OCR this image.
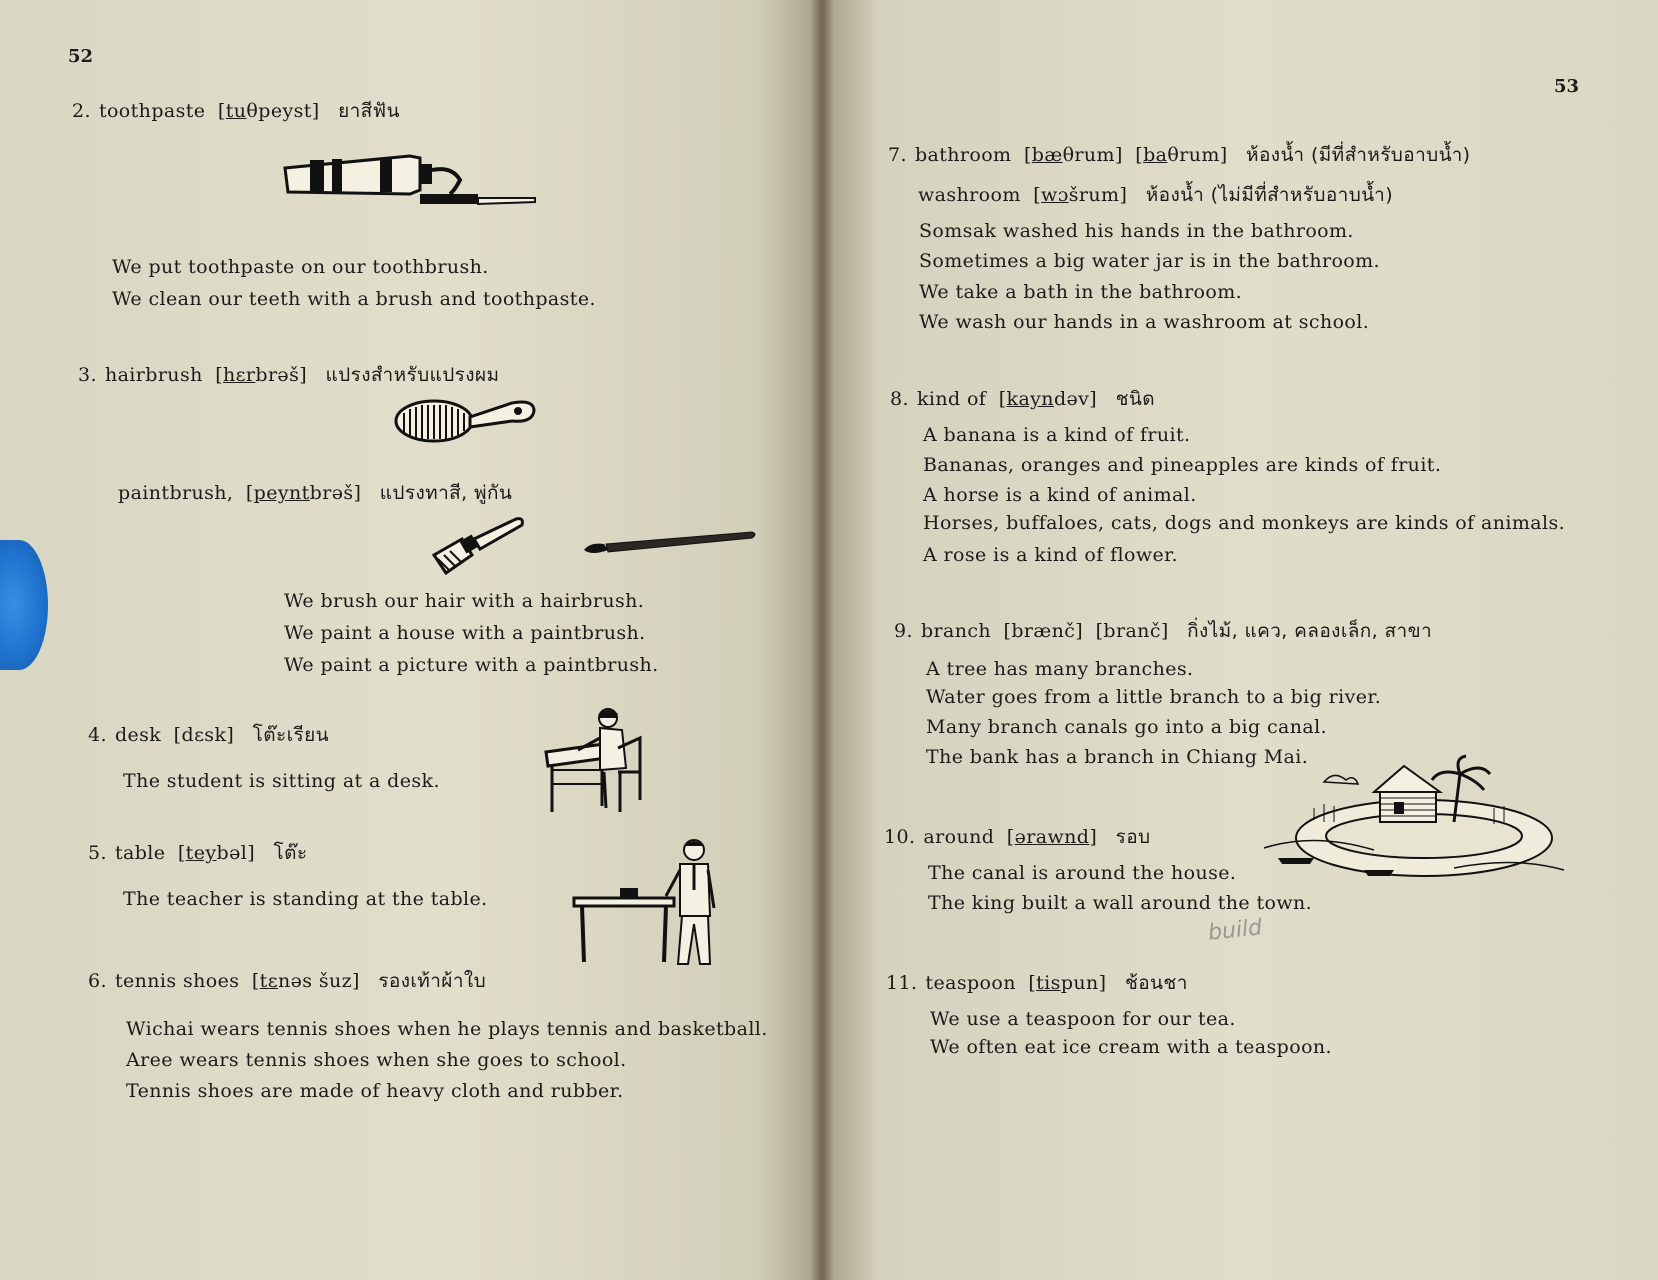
52
2. toothpaste [tuθpeyst] ยาสีฟัน
We put toothpaste on our toothbrush.
We clean our teeth with a brush and toothpaste.
3. hairbrush [hɛrbrəš] แปรงสำหรับแปรงผม
paintbrush, [peyntbrəš] แปรงทาสี, พู่กัน
We brush our hair with a hairbrush.
We paint a house with a paintbrush.
We paint a picture with a paintbrush.
4. desk [dɛsk] โต๊ะเรียน
The student is sitting at a desk.
5. table [teybəl] โต๊ะ
The teacher is standing at the table.
6. tennis shoes [tɛnəs šuz] รองเท้าผ้าใบ
Wichai wears tennis shoes when he plays tennis and basketball.
Aree wears tennis shoes when she goes to school.
Tennis shoes are made of heavy cloth and rubber.
53
7. bathroom [bæθrum] [baθrum] ห้องน้ำ (มีที่สำหรับอาบน้ำ)
washroom [wɔšrum] ห้องน้ำ (ไม่มีที่สำหรับอาบน้ำ)
Somsak washed his hands in the bathroom.
Sometimes a big water jar is in the bathroom.
We take a bath in the bathroom.
We wash our hands in a washroom at school.
8. kind of [kayndəv] ชนิด
A banana is a kind of fruit.
Bananas, oranges and pineapples are kinds of fruit.
A horse is a kind of animal.
Horses, buffaloes, cats, dogs and monkeys are kinds of animals.
A rose is a kind of flower.
9. branch [brænč] [branč] กิ่งไม้, แคว, คลองเล็ก, สาขา
A tree has many branches.
Water goes from a little branch to a big river.
Many branch canals go into a big canal.
The bank has a branch in Chiang Mai.
10. around [ərawnd] รอบ
The canal is around the house.
The king built a wall around the town.
11. teaspoon [tispun] ช้อนชา
We use a teaspoon for our tea.
We often eat ice cream with a teaspoon.
build
